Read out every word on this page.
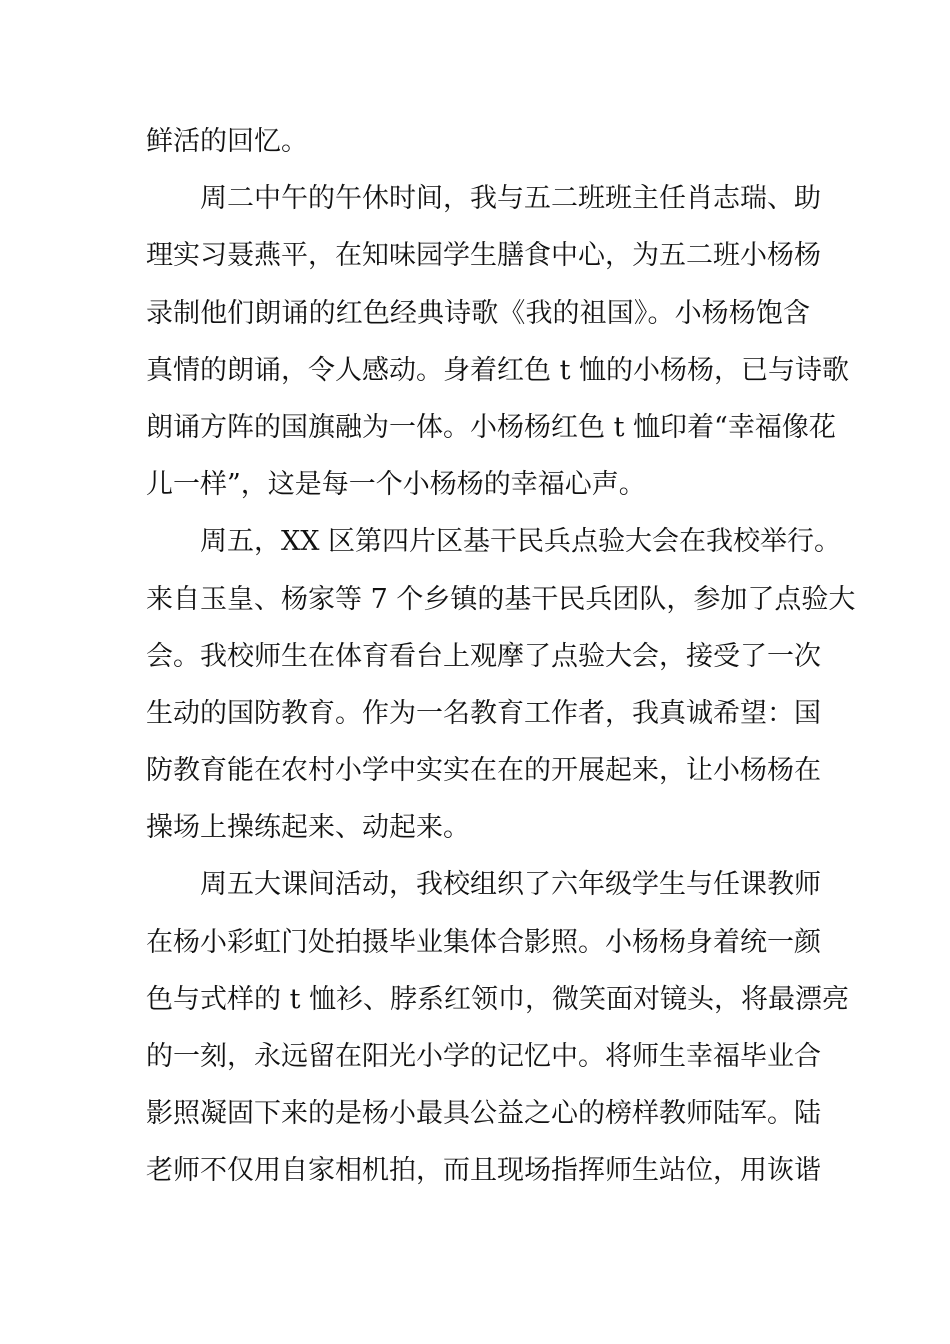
鲜活的回忆。
周二中午的午休时间，我与五二班班主任肖志瑞、助
理实习聂燕平，在知味园学生膳食中心，为五二班小杨杨
录制他们朗诵的红色经典诗歌《我的祖国》。小杨杨饱含
真情的朗诵，令人感动。身着红色 t 恤的小杨杨，已与诗歌
朗诵方阵的国旗融为一体。小杨杨红色 t 恤印着“幸福像花
儿一样”，这是每一个小杨杨的幸福心声。
周五，XX 区第四片区基干民兵点验大会在我校举行。
来自玉皇、杨家等 7 个乡镇的基干民兵团队，参加了点验大
会。我校师生在体育看台上观摩了点验大会，接受了一次
生动的国防教育。作为一名教育工作者，我真诚希望：国
防教育能在农村小学中实实在在的开展起来，让小杨杨在
操场上操练起来、动起来。
周五大课间活动，我校组织了六年级学生与任课教师
在杨小彩虹门处拍摄毕业集体合影照。小杨杨身着统一颜
色与式样的 t 恤衫、脖系红领巾，微笑面对镜头，将最漂亮
的一刻，永远留在阳光小学的记忆中。将师生幸福毕业合
影照凝固下来的是杨小最具公益之心的榜样教师陆军。陆
老师不仅用自家相机拍，而且现场指挥师生站位，用诙谐
